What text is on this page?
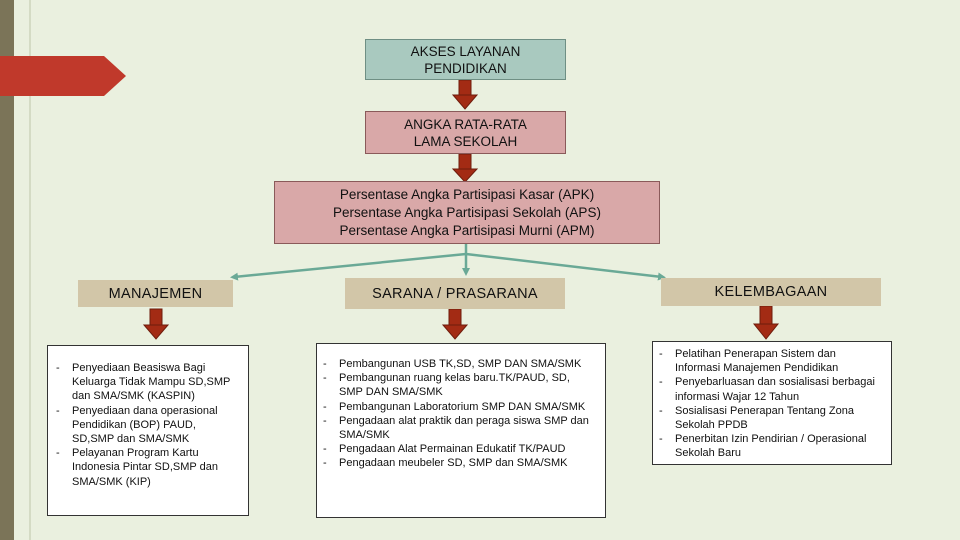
AKSES LAYANAN
PENDIDIKAN
ANGKA RATA-RATA
LAMA SEKOLAH
Persentase Angka Partisipasi Kasar (APK)
Persentase Angka Partisipasi Sekolah (APS)
Persentase Angka Partisipasi Murni (APM)
MANAJEMEN	SARANA / PRASARANA	KELEMBAGAAN
- Penyediaan Beasiswa Bagi Keluarga Tidak Mampu SD,SMP dan SMA/SMK (KASPIN)
- Penyediaan dana operasional Pendidikan (BOP) PAUD, SD,SMP dan SMA/SMK
- Pelayanan Program Kartu Indonesia Pintar SD,SMP dan SMA/SMK (KIP)
- Pembangunan USB TK,SD, SMP DAN SMA/SMK
- Pembangunan ruang kelas baru.TK/PAUD, SD, SMP DAN SMA/SMK
- Pembangunan Laboratorium SMP DAN SMA/SMK
- Pengadaan alat praktik dan peraga siswa SMP dan SMA/SMK
- Pengadaan Alat Permainan Edukatif TK/PAUD
- Pengadaan meubeler SD, SMP dan SMA/SMK
- Pelatihan Penerapan Sistem dan Informasi Manajemen Pendidikan
- Penyebarluasan dan sosialisasi berbagai informasi Wajar 12 Tahun
- Sosialisasi Penerapan Tentang Zona Sekolah PPDB
- Penerbitan Izin Pendirian / Operasional Sekolah Baru
